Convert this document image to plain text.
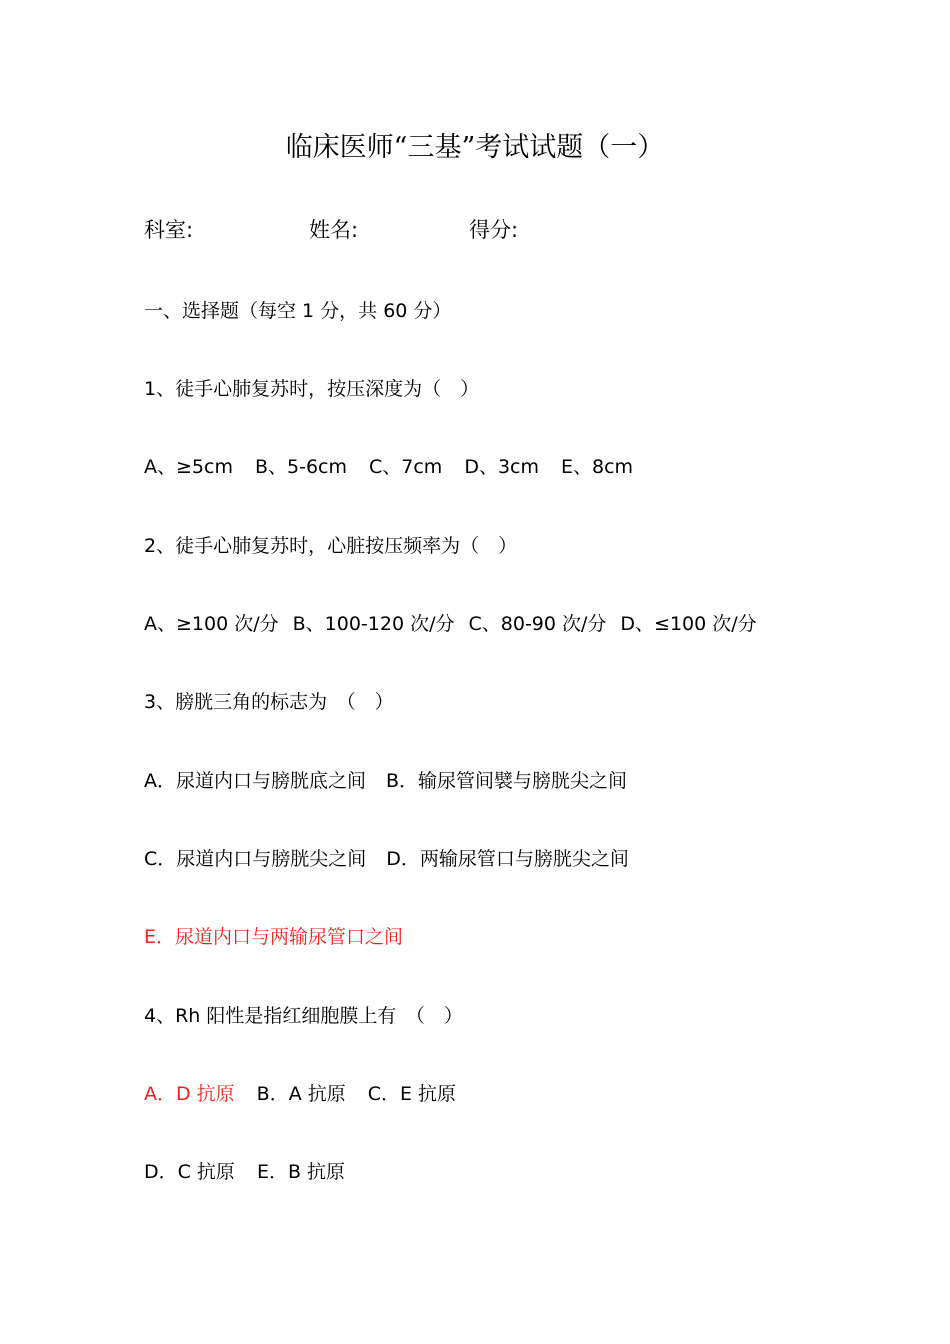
临床医师“三基”考试试题（一）
科室:	姓名:	得分:
一、选择题（每空 1 分，共 60 分）
1、徒手心肺复苏时，按压深度为（　）
A、≥5cm B、5-6cm C、7cm D、3cm E、8cm
2、徒手心肺复苏时，心脏按压频率为（　）
A、≥100 次/分 B、100-120 次/分 C、80-90 次/分 D、≤100 次/分
3、膀胱三角的标志为　（　）
A．尿道内口与膀胱底之间 B．输尿管间襞与膀胱尖之间
C．尿道内口与膀胱尖之间 D．两输尿管口与膀胱尖之间
E．尿道内口与两输尿管口之间
4、Rh 阳性是指红细胞膜上有　（　）
A．D 抗原 B．A 抗原 C．E 抗原
D．C 抗原 E．B 抗原
